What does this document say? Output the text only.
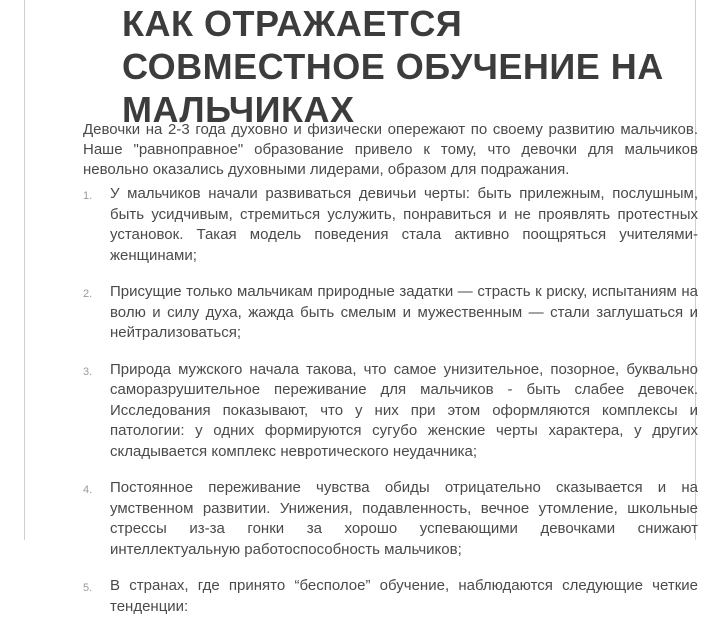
КАК ОТРАЖАЕТСЯ
СОВМЕСТНОЕ ОБУЧЕНИЕ НА
МАЛЬЧИКАХ
Девочки на 2-3 года духовно и физически опережают по своему развитию мальчиков. Наше "равноправное" образование привело к тому, что девочки для мальчиков невольно оказались духовными лидерами, образом для подражания.
1. У мальчиков начали развиваться девичьи черты: быть прилежным, послушным, быть усидчивым, стремиться услужить, понравиться и не проявлять протестных установок. Такая модель поведения стала активно поощряться учителями-женщинами;
2. Присущие только мальчикам природные задатки — страсть к риску, испытаниям на волю и силу духа, жажда быть смелым и мужественным — стали заглушаться и нейтрализоваться;
3. Природа мужского начала такова, что самое унизительное, позорное, буквально саморазрушительное переживание для мальчиков - быть слабее девочек. Исследования показывают, что у них при этом оформляются комплексы и патологии: у одних формируются сугубо женские черты характера, у других складывается комплекс невротического неудачника;
4. Постоянное переживание чувства обиды отрицательно сказывается и на умственном развитии. Унижения, подавленность, вечное утомление, школьные стрессы из-за гонки за хорошо успевающими девочками снижают интеллектуальную работоспособность мальчиков;
5. В странах, где принято “бесполое” обучение, наблюдаются следующие четкие тенденции:
